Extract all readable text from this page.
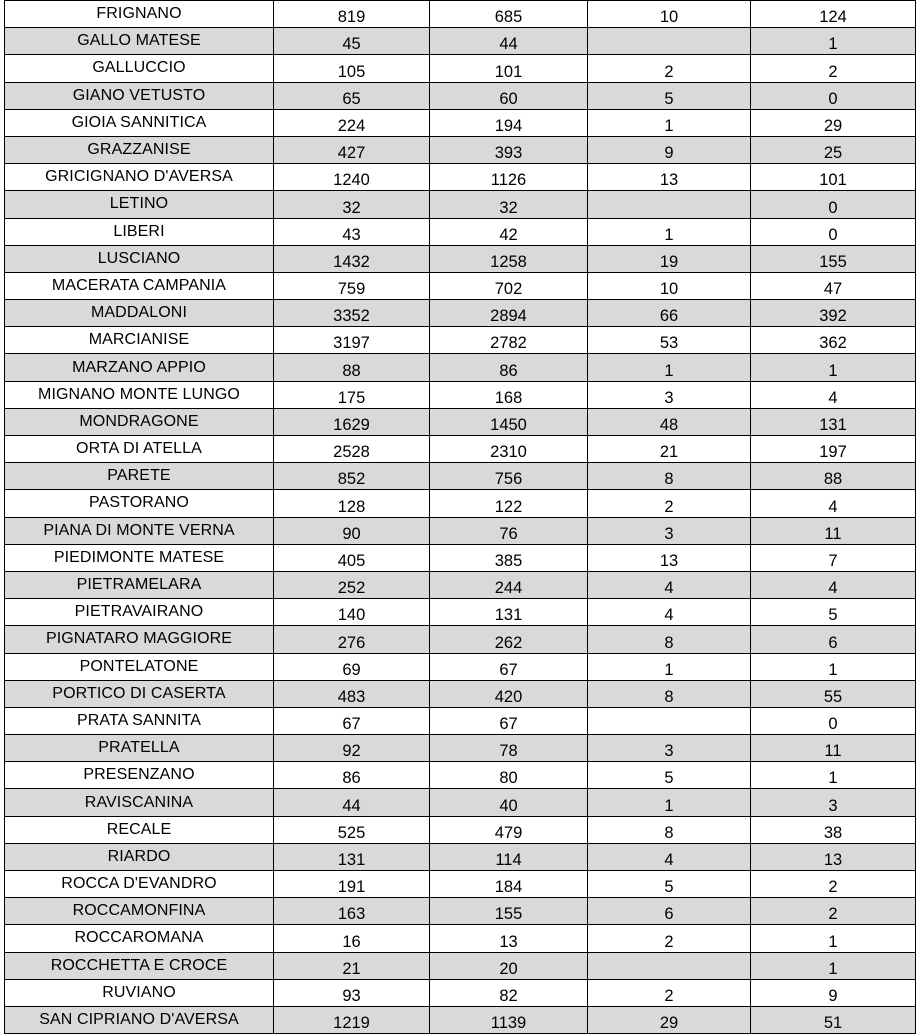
FRIGNANO	819	685	10	124
GALLO MATESE	45	44		1
GALLUCCIO	105	101	2	2
GIANO VETUSTO	65	60	5	0
GIOIA SANNITICA	224	194	1	29
GRAZZANISE	427	393	9	25
GRICIGNANO D'AVERSA	1240	1126	13	101
LETINO	32	32		0
LIBERI	43	42	1	0
LUSCIANO	1432	1258	19	155
MACERATA CAMPANIA	759	702	10	47
MADDALONI	3352	2894	66	392
MARCIANISE	3197	2782	53	362
MARZANO APPIO	88	86	1	1
MIGNANO MONTE LUNGO	175	168	3	4
MONDRAGONE	1629	1450	48	131
ORTA DI ATELLA	2528	2310	21	197
PARETE	852	756	8	88
PASTORANO	128	122	2	4
PIANA DI MONTE VERNA	90	76	3	11
PIEDIMONTE MATESE	405	385	13	7
PIETRAMELARA	252	244	4	4
PIETRAVAIRANO	140	131	4	5
PIGNATARO MAGGIORE	276	262	8	6
PONTELATONE	69	67	1	1
PORTICO DI CASERTA	483	420	8	55
PRATA SANNITA	67	67		0
PRATELLA	92	78	3	11
PRESENZANO	86	80	5	1
RAVISCANINA	44	40	1	3
RECALE	525	479	8	38
RIARDO	131	114	4	13
ROCCA D'EVANDRO	191	184	5	2
ROCCAMONFINA	163	155	6	2
ROCCAROMANA	16	13	2	1
ROCCHETTA E CROCE	21	20		1
RUVIANO	93	82	2	9
SAN CIPRIANO D'AVERSA	1219	1139	29	51
